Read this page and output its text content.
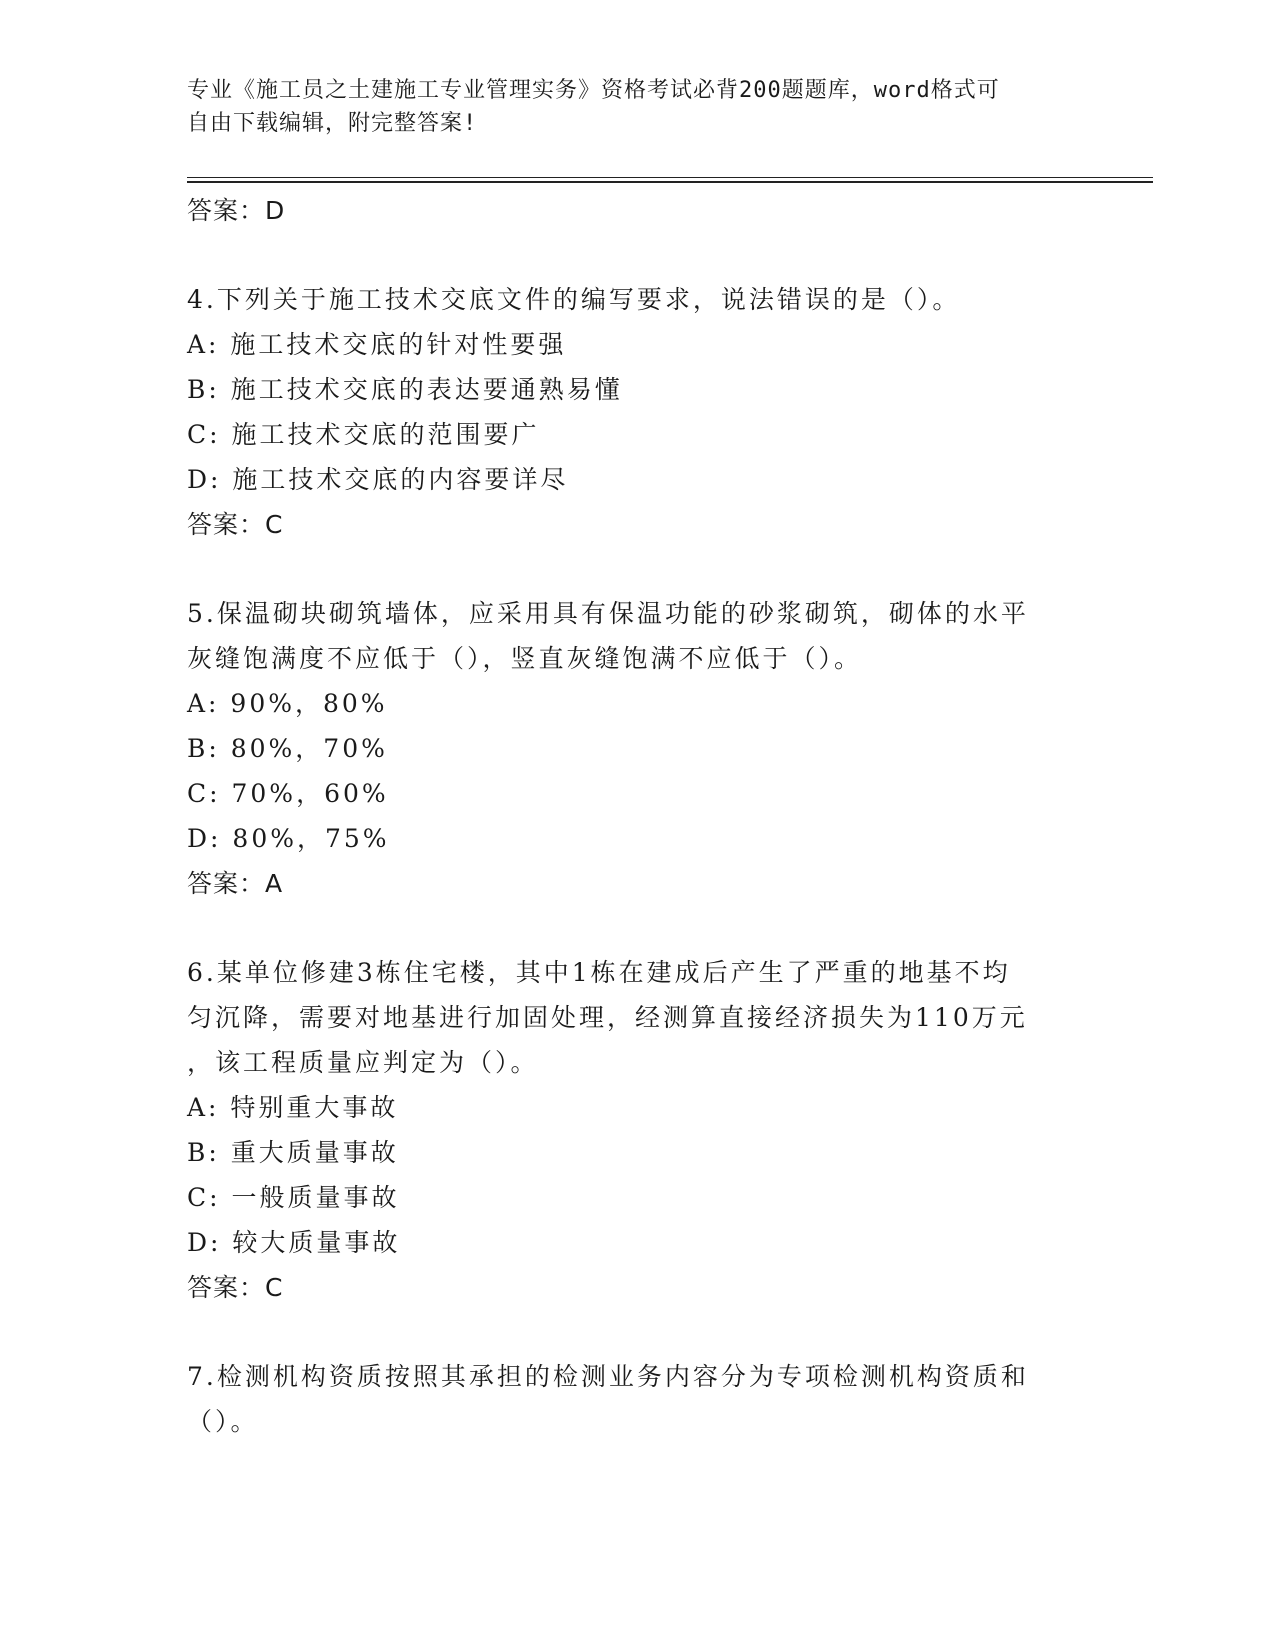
专业《施工员之土建施工专业管理实务》资格考试必背200题题库，word格式可
自由下载编辑，附完整答案!
答案：D
4.下列关于施工技术交底文件的编写要求，说法错误的是（）。
A: 施工技术交底的针对性要强
B: 施工技术交底的表达要通熟易懂
C: 施工技术交底的范围要广
D: 施工技术交底的内容要详尽
答案：C
5.保温砌块砌筑墙体，应采用具有保温功能的砂浆砌筑，砌体的水平
灰缝饱满度不应低于（），竖直灰缝饱满不应低于（）。
A: 90%，80%
B: 80%，70%
C: 70%，60%
D: 80%，75%
答案：A
6.某单位修建3栋住宅楼，其中1栋在建成后产生了严重的地基不均
匀沉降，需要对地基进行加固处理，经测算直接经济损失为110万元
，该工程质量应判定为（）。
A: 特别重大事故
B: 重大质量事故
C: 一般质量事故
D: 较大质量事故
答案：C
7.检测机构资质按照其承担的检测业务内容分为专项检测机构资质和
（）。
